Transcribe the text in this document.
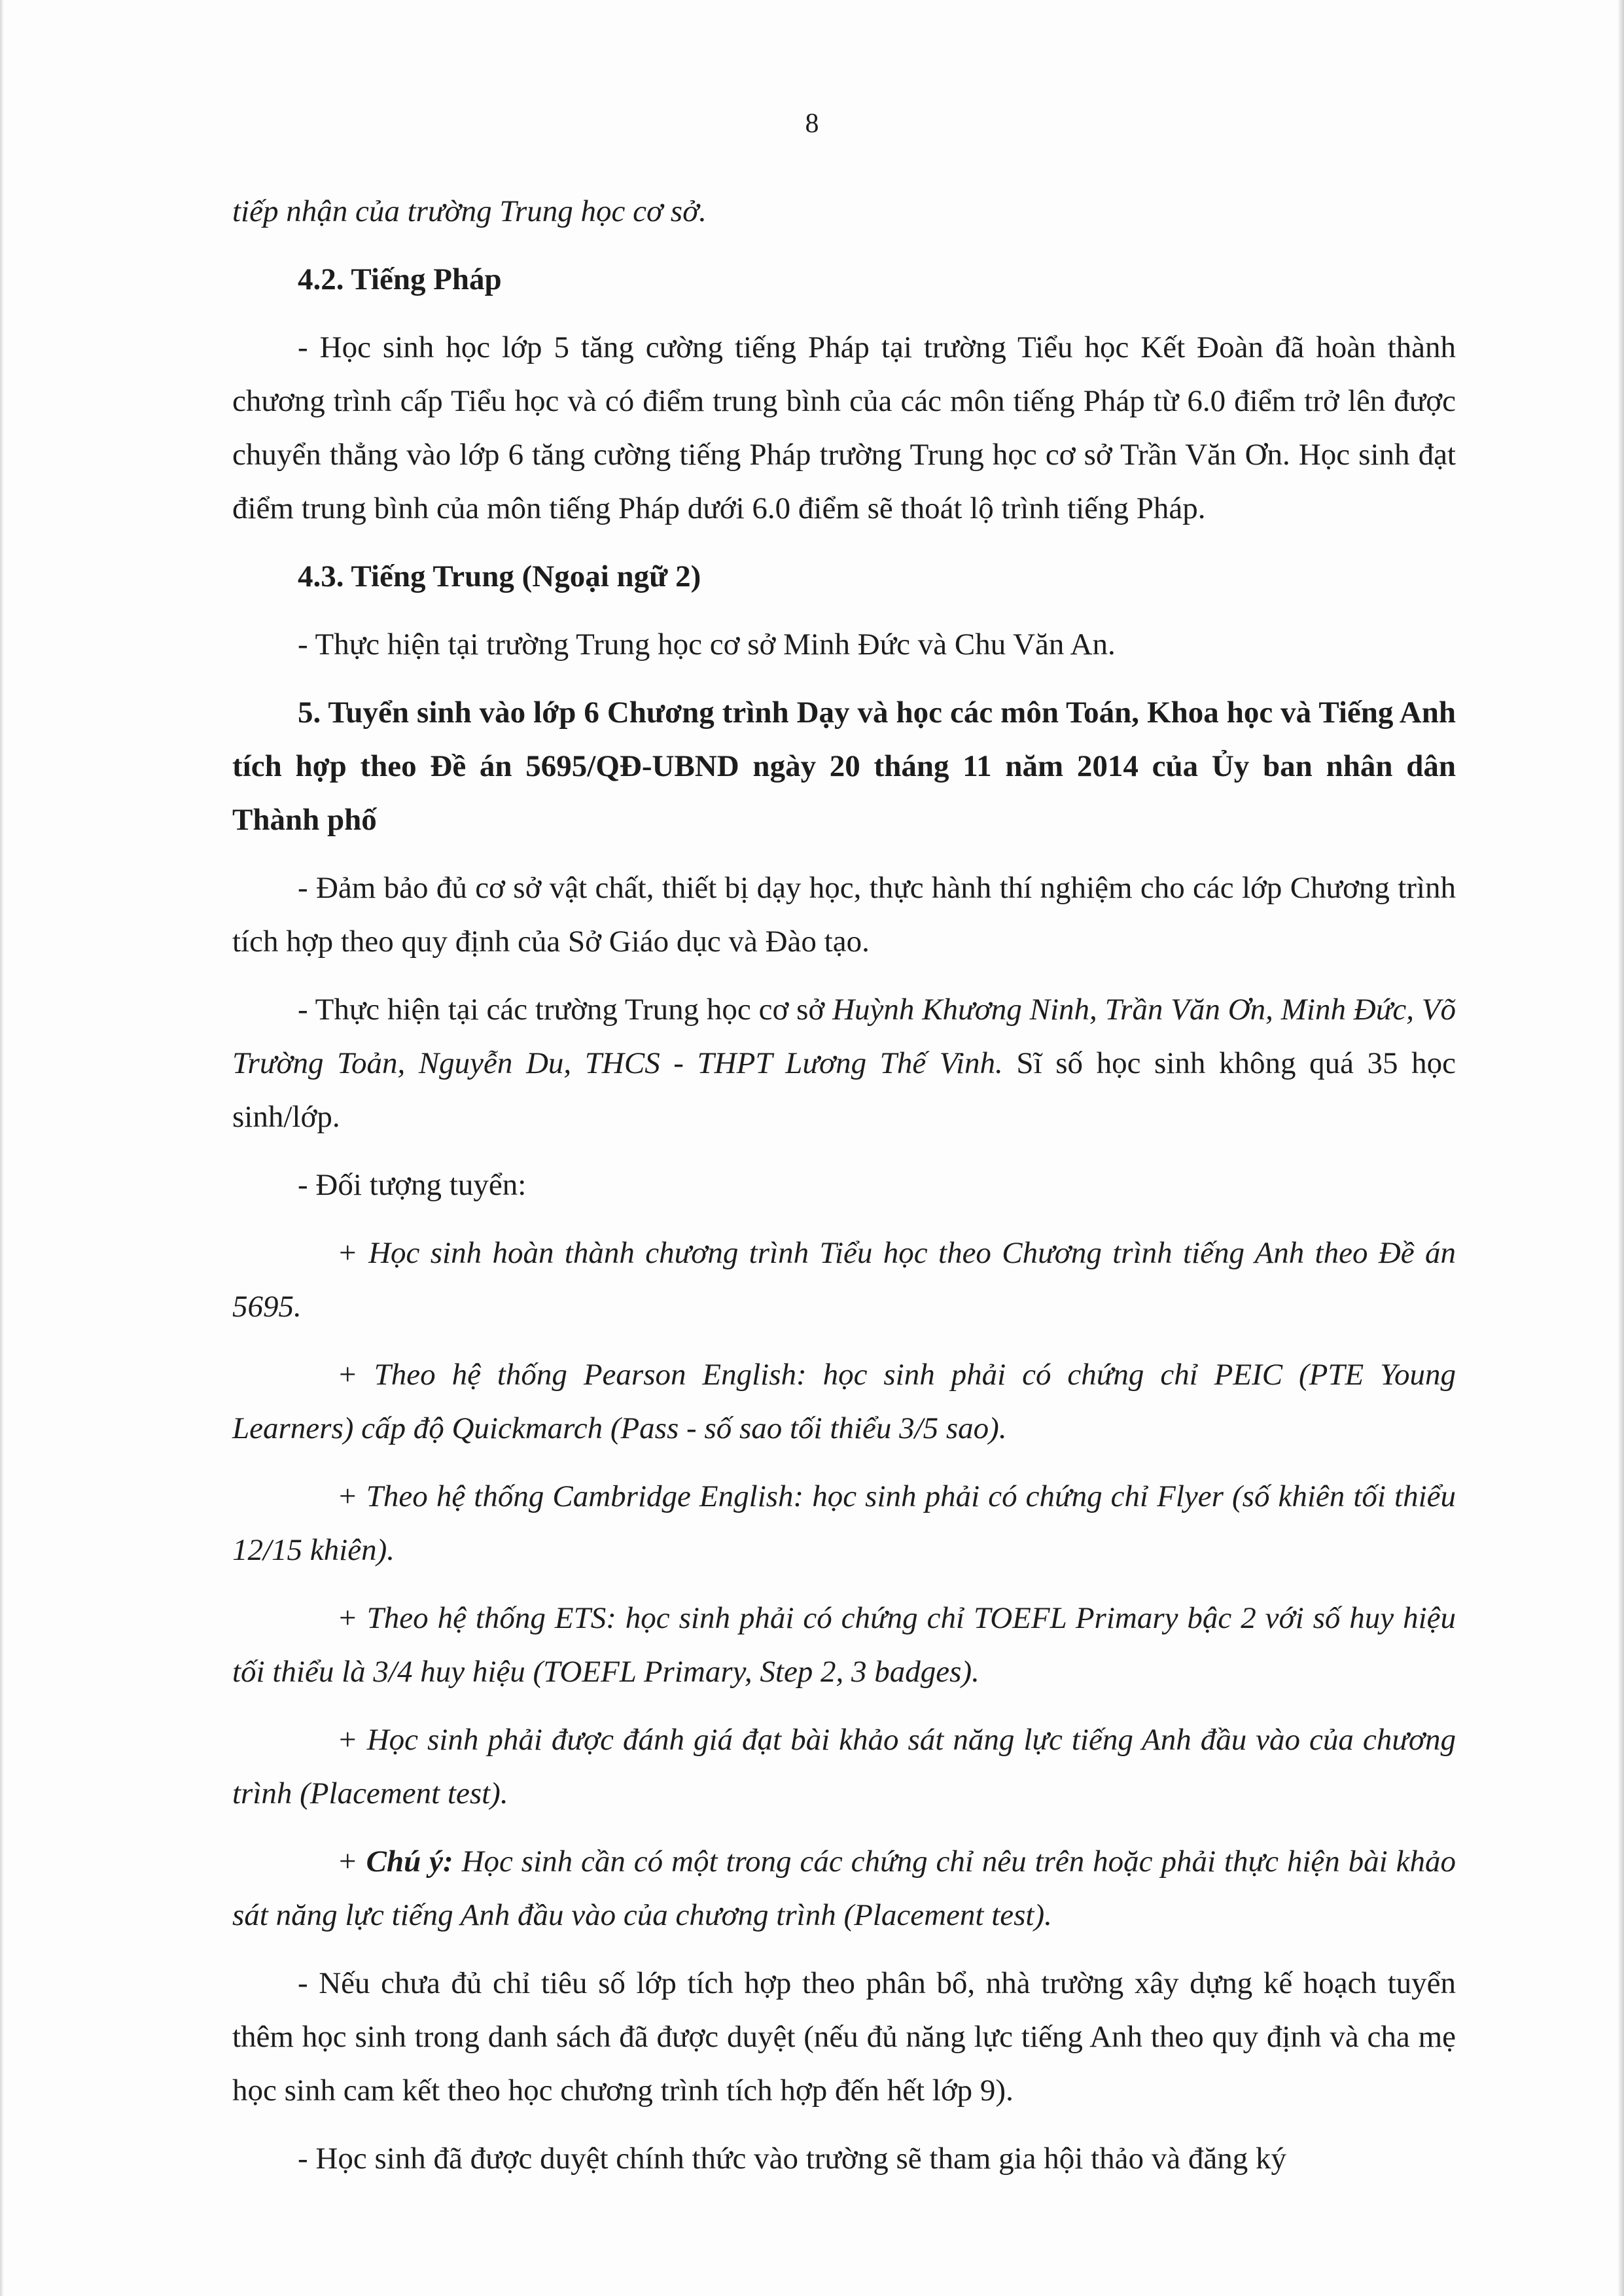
8

tiếp nhận của trường Trung học cơ sở.

4.2. Tiếng Pháp

- Học sinh học lớp 5 tăng cường tiếng Pháp tại trường Tiểu học Kết Đoàn đã hoàn thành chương trình cấp Tiểu học và có điểm trung bình của các môn tiếng Pháp từ 6.0 điểm trở lên được chuyển thẳng vào lớp 6 tăng cường tiếng Pháp trường Trung học cơ sở Trần Văn Ơn. Học sinh đạt điểm trung bình của môn tiếng Pháp dưới 6.0 điểm sẽ thoát lộ trình tiếng Pháp.

4.3. Tiếng Trung (Ngoại ngữ 2)

- Thực hiện tại trường Trung học cơ sở Minh Đức và Chu Văn An.

5. Tuyển sinh vào lớp 6 Chương trình Dạy và học các môn Toán, Khoa học và Tiếng Anh tích hợp theo Đề án 5695/QĐ-UBND ngày 20 tháng 11 năm 2014 của Ủy ban nhân dân Thành phố

- Đảm bảo đủ cơ sở vật chất, thiết bị dạy học, thực hành thí nghiệm cho các lớp Chương trình tích hợp theo quy định của Sở Giáo dục và Đào tạo.

- Thực hiện tại các trường Trung học cơ sở Huỳnh Khương Ninh, Trần Văn Ơn, Minh Đức, Võ Trường Toản, Nguyễn Du, THCS - THPT Lương Thế Vinh. Sĩ số học sinh không quá 35 học sinh/lớp.

- Đối tượng tuyển:

+ Học sinh hoàn thành chương trình Tiểu học theo Chương trình tiếng Anh theo Đề án 5695.

+ Theo hệ thống Pearson English: học sinh phải có chứng chỉ PEIC (PTE Young Learners) cấp độ Quickmarch (Pass - số sao tối thiểu 3/5 sao).

+ Theo hệ thống Cambridge English: học sinh phải có chứng chỉ Flyer (số khiên tối thiểu 12/15 khiên).

+ Theo hệ thống ETS: học sinh phải có chứng chỉ TOEFL Primary bậc 2 với số huy hiệu tối thiểu là 3/4 huy hiệu (TOEFL Primary, Step 2, 3 badges).

+ Học sinh phải được đánh giá đạt bài khảo sát năng lực tiếng Anh đầu vào của chương trình (Placement test).

+ Chú ý: Học sinh cần có một trong các chứng chỉ nêu trên hoặc phải thực hiện bài khảo sát năng lực tiếng Anh đầu vào của chương trình (Placement test).

- Nếu chưa đủ chỉ tiêu số lớp tích hợp theo phân bổ, nhà trường xây dựng kế hoạch tuyển thêm học sinh trong danh sách đã được duyệt (nếu đủ năng lực tiếng Anh theo quy định và cha mẹ học sinh cam kết theo học chương trình tích hợp đến hết lớp 9).

- Học sinh đã được duyệt chính thức vào trường sẽ tham gia hội thảo và đăng ký
